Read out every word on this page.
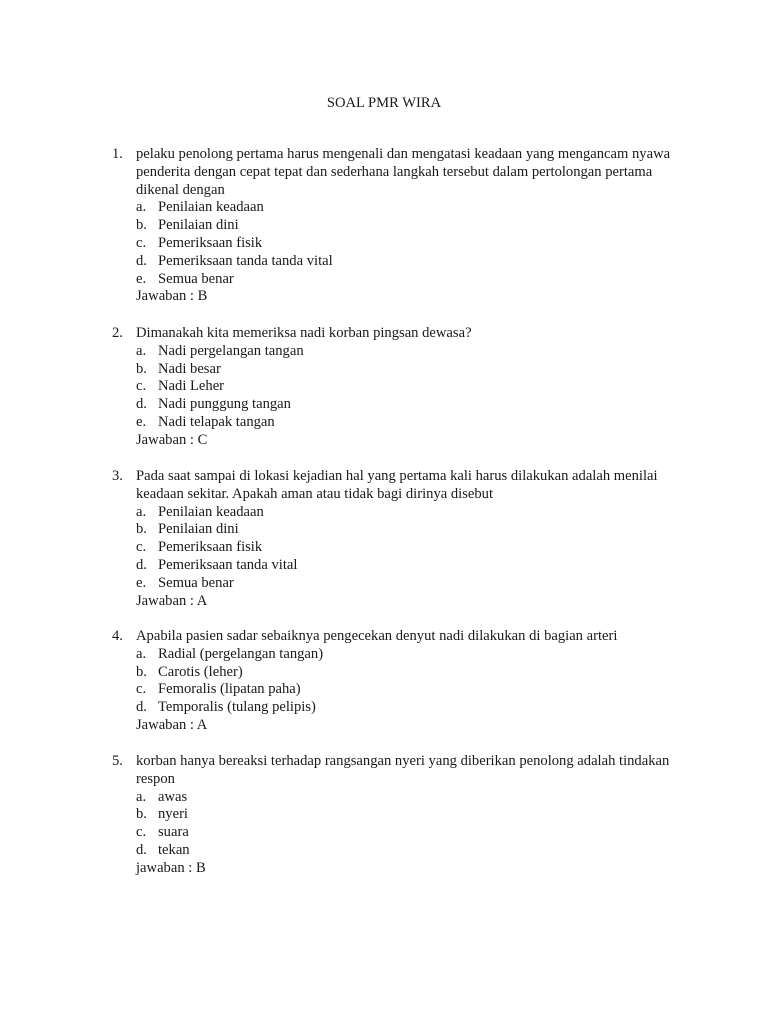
SOAL PMR WIRA
1. pelaku penolong pertama harus mengenali dan mengatasi keadaan yang mengancam nyawa penderita dengan cepat tepat dan sederhana langkah tersebut dalam pertolongan pertama dikenal dengan

a. Penilaian keadaan
b. Penilaian dini
c. Pemeriksaan fisik
d. Pemeriksaan tanda tanda vital
e. Semua benar

Jawaban : B

2. Dimanakah kita memeriksa nadi korban pingsan dewasa?

a. Nadi pergelangan tangan
b. Nadi besar
c. Nadi Leher
d. Nadi punggung tangan
e. Nadi telapak tangan

Jawaban : C

3. Pada saat sampai di lokasi kejadian hal yang pertama kali harus dilakukan adalah menilai keadaan sekitar. Apakah aman atau tidak bagi dirinya disebut

a. Penilaian keadaan
b. Penilaian dini
c. Pemeriksaan fisik
d. Pemeriksaan tanda vital
e. Semua benar

Jawaban : A

4. Apabila pasien sadar sebaiknya pengecekan denyut nadi dilakukan di bagian arteri

a. Radial (pergelangan tangan)
b. Carotis (leher)
c. Femoralis (lipatan paha)
d. Temporalis (tulang pelipis)

Jawaban : A

5. korban hanya bereaksi terhadap rangsangan nyeri yang diberikan penolong adalah tindakan respon

a. awas
b. nyeri
c. suara
d. tekan

jawaban : B
